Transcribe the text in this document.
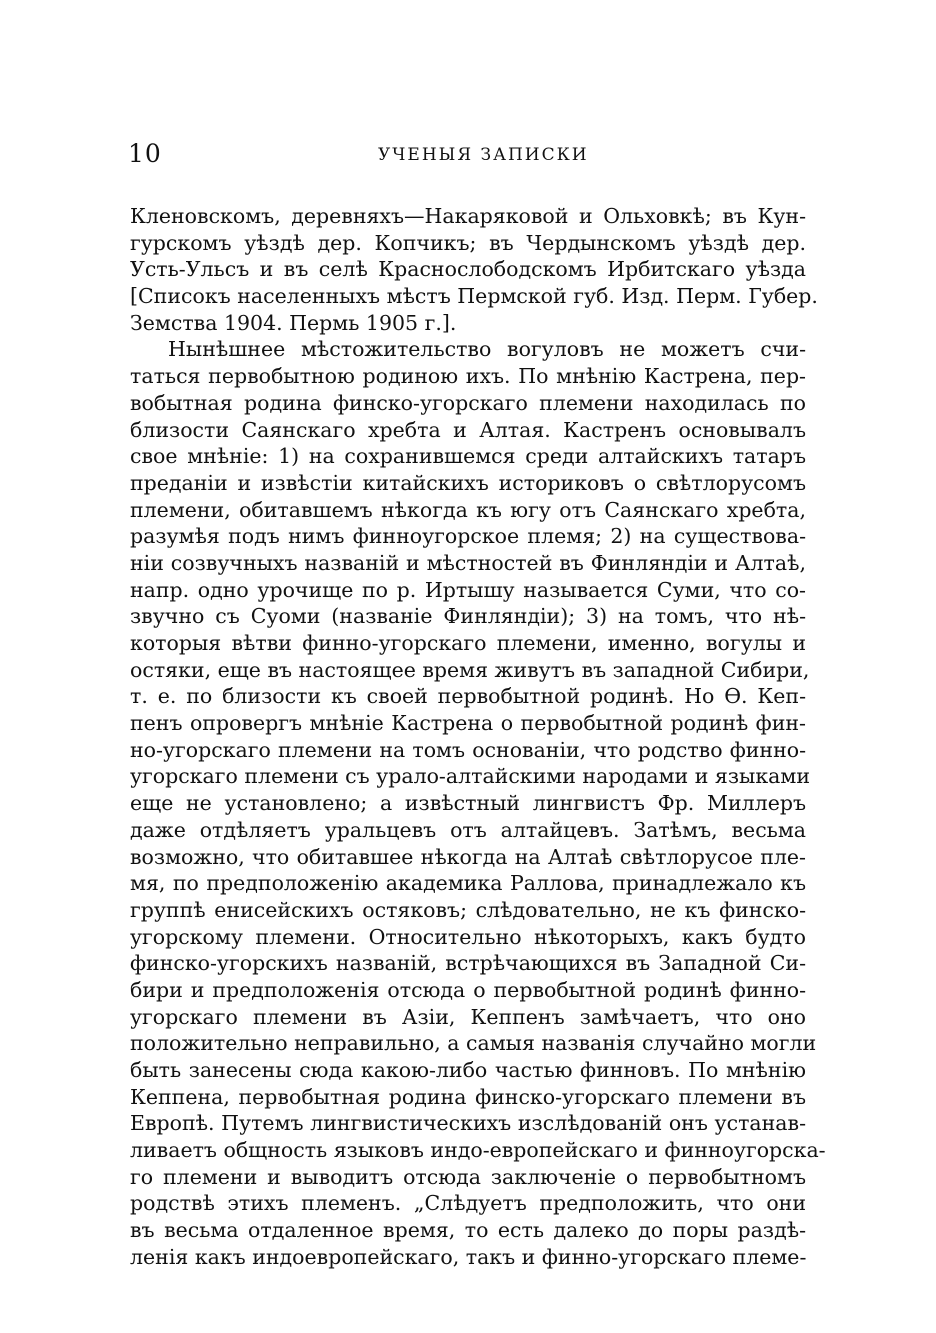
10	УЧЕНЫЯ ЗАПИСКИ
Кленовскомъ, деревняхъ—Накаряковой и Ольховкѣ; въ Кун-
гурскомъ уѣздѣ дер. Копчикъ; въ Чердынскомъ уѣздѣ дер.
Усть-Ульсъ и въ селѣ Краснослободскомъ Ирбитскаго уѣзда
[Списокъ населенныхъ мѣстъ Пермской губ. Изд. Перм. Губер.
Земства 1904. Пермь 1905 г.].
Нынѣшнее мѣстожительство вогуловъ не можетъ счи-
таться первобытною родиною ихъ. По мнѣнію Кастрена, пер-
вобытная родина финско-угорскаго племени находилась по
близости Саянскаго хребта и Алтая. Кастренъ основывалъ
свое мнѣніе: 1) на сохранившемся среди алтайскихъ татаръ
преданіи и извѣстіи китайскихъ историковъ о свѣтлорусомъ
племени, обитавшемъ нѣкогда къ югу отъ Саянскаго хребта,
разумѣя подъ нимъ финноугорское племя; 2) на существова-
ніи созвучныхъ названій и мѣстностей въ Финляндіи и Алтаѣ,
напр. одно урочище по р. Иртышу называется Суми, что со-
звучно съ Суоми (названіе Финляндіи); 3) на томъ, что нѣ-
которыя вѣтви финно-угорскаго племени, именно, вогулы и
остяки, еще въ настоящее время живутъ въ западной Сибири,
т. е. по близости къ своей первобытной родинѣ. Но Ѳ. Кеп-
пенъ опровергъ мнѣніе Кастрена о первобытной родинѣ фин-
но-угорскаго племени на томъ основаніи, что родство финно-
угорскаго племени съ урало-алтайскими народами и языками
еще не установлено; а извѣстный лингвистъ Фр. Миллеръ
даже отдѣляетъ уральцевъ отъ алтайцевъ. Затѣмъ, весьма
возможно, что обитавшее нѣкогда на Алтаѣ свѣтлорусое пле-
мя, по предположенію академика Раллова, принадлежало къ
группѣ енисейскихъ остяковъ; слѣдовательно, не къ финско-
угорскому племени. Относительно нѣкоторыхъ, какъ будто
финско-угорскихъ названій, встрѣчающихся въ Западной Си-
бири и предположенія отсюда о первобытной родинѣ финно-
угорскаго племени въ Азіи, Кеппенъ замѣчаетъ, что оно
положительно неправильно, а самыя названія случайно могли
быть занесены сюда какою-либо частью финновъ. По мнѣнію
Кеппена, первобытная родина финско-угорскаго племени въ
Европѣ. Путемъ лингвистическихъ изслѣдованій онъ устанав-
ливаетъ общность языковъ индо-европейскаго и финноугорска-
го племени и выводитъ отсюда заключеніе о первобытномъ
родствѣ этихъ племенъ. „Слѣдуетъ предположить, что они
въ весьма отдаленное время, то есть далеко до поры раздѣ-
ленія какъ индоевропейскаго, такъ и финно-угорскаго племе-
